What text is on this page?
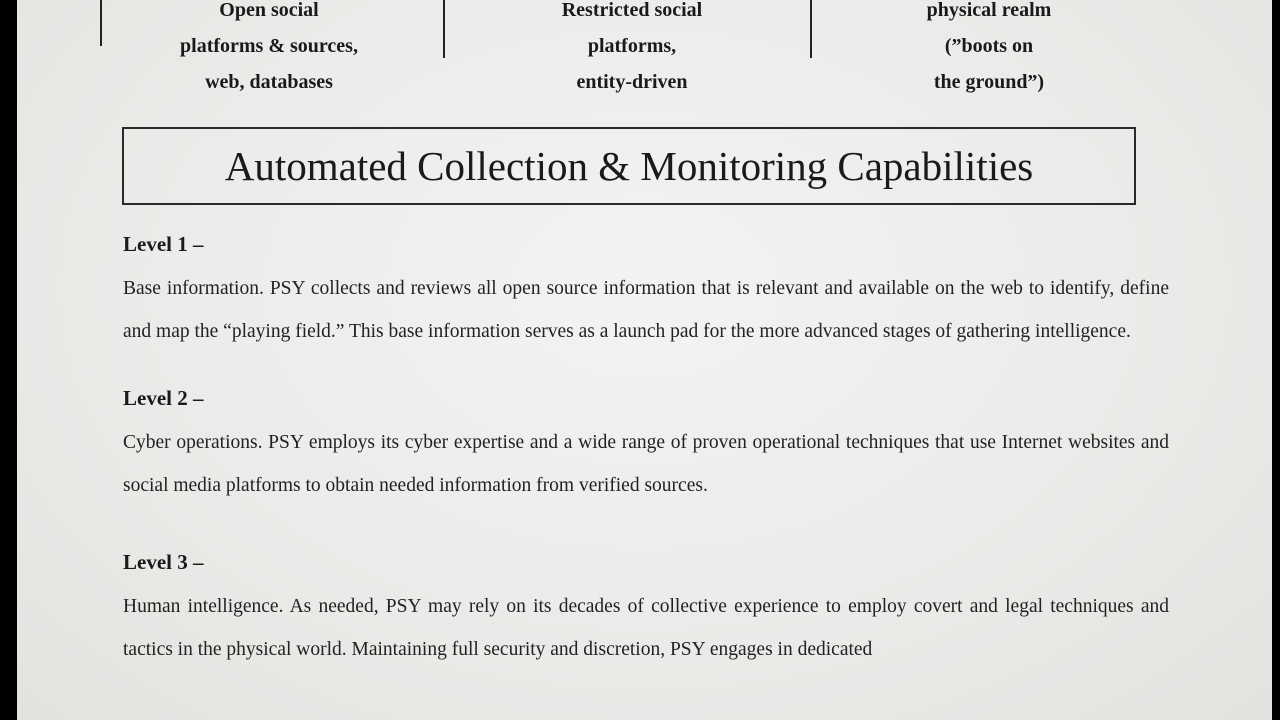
Open social
platforms & sources,
web, databases
Restricted social
platforms,
entity-driven
physical realm
(”boots on
the ground”)
Automated Collection & Monitoring Capabilities

Level 1 –

Base information. PSY collects and reviews all open source information that is relevant and available on the web to identify, define and map the “playing field.” This base information serves as a launch pad for the more advanced stages of gathering intelligence.

Level 2 –

Cyber operations. PSY employs its cyber expertise and a wide range of proven operational techniques that use Internet websites and social media platforms to obtain needed information from verified sources.

Level 3 –

Human intelligence. As needed, PSY may rely on its decades of collective experience to employ covert and legal techniques and tactics in the physical world. Maintaining full security and discretion, PSY engages in dedicated
